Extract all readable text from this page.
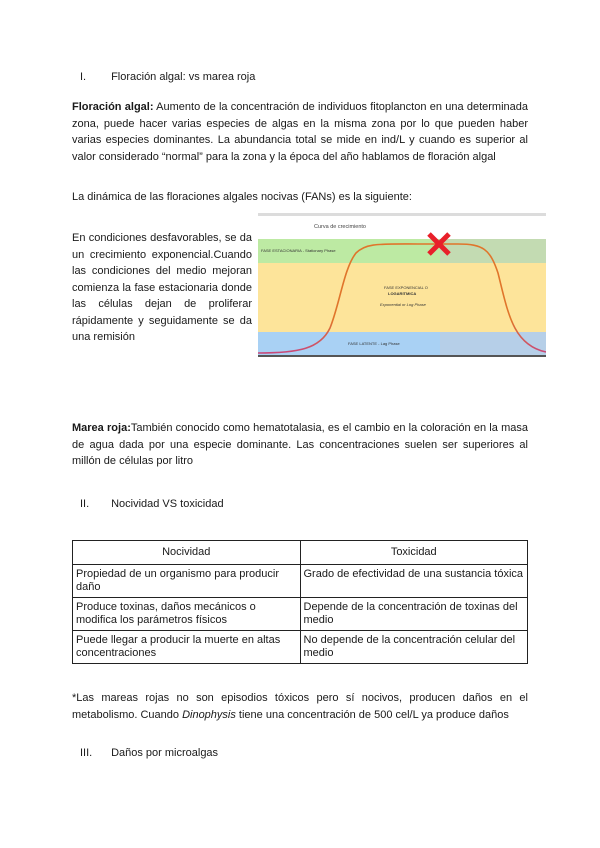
I. Floración algal: vs marea roja
Floración algal: Aumento de la concentración de individuos fitoplancton en una determinada zona, puede hacer varias especies de algas en la misma zona por lo que pueden haber varias especies dominantes. La abundancia total se mide en ind/L y cuando es superior al valor considerado “normal” para la zona y la época del año hablamos de floración algal
La dinámica de las floraciones algales nocivas (FANs) es la siguiente:
En condiciones desfavorables, se da un crecimiento exponencial.Cuando las condiciones del medio mejoran comienza la fase estacionaria donde las células dejan de proliferar rápidamente y seguidamente se da una remisión
Curva de crecimiento
FASE ESTACIONARIA - Stationary Phase
FASE EXPONENCIAL O
LOGARITMICA
Exponential or Log Phase
FASE LATENTE - Lag Phase
Marea roja:También conocido como hematotalasia, es el cambio en la coloración en la masa de agua dada por una especie dominante. Las concentraciones suelen ser superiores al millón de células por litro
II. Nocividad VS toxicidad
Nocividad	Toxicidad
Propiedad de un organismo para producir daño	Grado de efectividad de una sustancia tóxica
Produce toxinas, daños mecánicos o modifica los parámetros físicos	Depende de la concentración de toxinas del medio
Puede llegar a producir la muerte en altas concentraciones	No depende de la concentración celular del medio
*Las mareas rojas no son episodios tóxicos pero sí nocivos, producen daños en el metabolismo. Cuando Dinophysis tiene una concentración de 500 cel/L ya produce daños
III. Daños por microalgas
